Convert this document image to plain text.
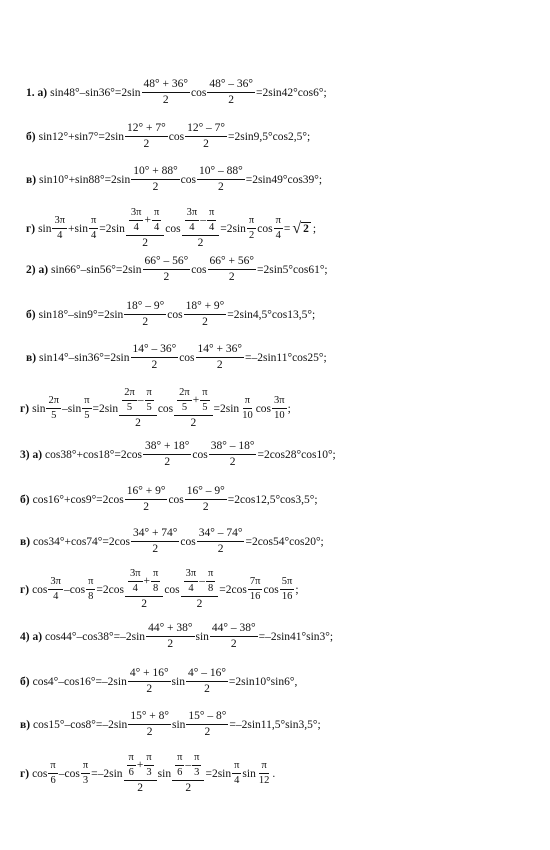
1. а) $\sin 48^\circ-\sin 36^\circ=2\sin \frac{48^\circ + 36^\circ}{2}$ $\cos \frac{48^\circ - 36^\circ}{2} =2\sin 42^\circ\cos 6^\circ$;
б) $\sin 12^\circ+\sin 7^\circ=2\sin \frac{12^\circ + 7^\circ}{2}$ $\cos \frac{12^\circ - 7^\circ}{2} =2\sin 9,5^\circ\cos 2,5^\circ$;
в) $\sin 10^\circ+\sin 88^\circ=2\sin \frac{10^\circ + 88^\circ}{2}$ $\cos \frac{10^\circ - 88^\circ}{2} =2\sin 49^\circ\cos 39^\circ$;
г) $\sin \frac{3\pi}{4} +\sin \frac{\pi}{4} =2\sin \frac{\frac{3\pi}{4} + \frac{\pi}{4}}{2}$ $\cos \frac{\frac{3\pi}{4} - \frac{\pi}{4}}{2} =2\sin \frac{\pi}{2}$ $\cos \frac{\pi}{4}$ = √ 2 ;
2) а) $\sin 66^\circ-\sin 56^\circ=2\sin \frac{66^\circ - 56^\circ}{2}$ $\cos \frac{66^\circ + 56^\circ}{2} =2\sin 5^\circ\cos 61^\circ$;
б) $\sin 18^\circ-\sin 9^\circ=2\sin \frac{18^\circ - 9^\circ}{2}$ $\cos \frac{18^\circ + 9^\circ}{2} =2\sin 4,5^\circ\cos 13,5^\circ$;
в) $\sin 14^\circ-\sin 36^\circ=2\sin \frac{14^\circ - 36^\circ}{2}$ $\cos \frac{14^\circ + 36^\circ}{2} =-2\sin 11^\circ\cos 25^\circ$;
г) $\sin \frac{2\pi}{5} -\sin \frac{\pi}{5} =2\sin \frac{\frac{2\pi}{5} - \frac{\pi}{5}}{2}$ $\cos \frac{\frac{2\pi}{5} + \frac{\pi}{5}}{2} =2\sin \frac{\pi}{10}$ $\cos \frac{3\pi}{10}$ ;
3) а) $\cos 38^\circ+\cos 18^\circ=2\cos \frac{38^\circ + 18^\circ}{2}$ $\cos \frac{38^\circ - 18^\circ}{2} =2\cos 28^\circ\cos 10^\circ$;
б) $\cos 16^\circ+\cos 9^\circ=2\cos \frac{16^\circ + 9^\circ}{2}$ $\cos \frac{16^\circ - 9^\circ}{2} =2\cos 12,5^\circ\cos 3,5^\circ$;
в) $\cos 34^\circ+\cos 74^\circ=2\cos \frac{34^\circ + 74^\circ}{2}$ $\cos \frac{34^\circ - 74^\circ}{2} =2\cos 54^\circ\cos 20^\circ$;
г) $\cos \frac{3\pi}{4} -\cos \frac{\pi}{8} =2\cos \frac{\frac{3\pi}{4} + \frac{\pi}{8}}{2}$ $\cos \frac{\frac{3\pi}{4} - \frac{\pi}{8}}{2} =2\cos \frac{7\pi}{16}$ $\cos \frac{5\pi}{16}$ ;
4) а) $\cos 44^\circ-\cos 38^\circ=-2\sin \frac{44^\circ + 38^\circ}{2}$ $\sin \frac{44^\circ - 38^\circ}{2} =-2\sin 41^\circ\sin 3^\circ$;
б) $\cos 4^\circ-\cos 16^\circ=-2\sin \frac{4^\circ + 16^\circ}{2}$ $\sin \frac{4^\circ - 16^\circ}{2} =2\sin 10^\circ\sin 6^\circ$,
в) $\cos 15^\circ-\cos 8^\circ=-2\sin \frac{15^\circ + 8^\circ}{2}$ $\sin \frac{15^\circ - 8^\circ}{2} =-2\sin 11,5^\circ\sin 3,5^\circ$;
г) $\cos \frac{\pi}{6} -\cos \frac{\pi}{3} =-2\sin \frac{\frac{\pi}{6} + \frac{\pi}{3}}{2}$ $\sin \frac{\frac{\pi}{6} - \frac{\pi}{3}}{2} =2\sin \frac{\pi}{4}$ $\sin \frac{\pi}{12}$ .
